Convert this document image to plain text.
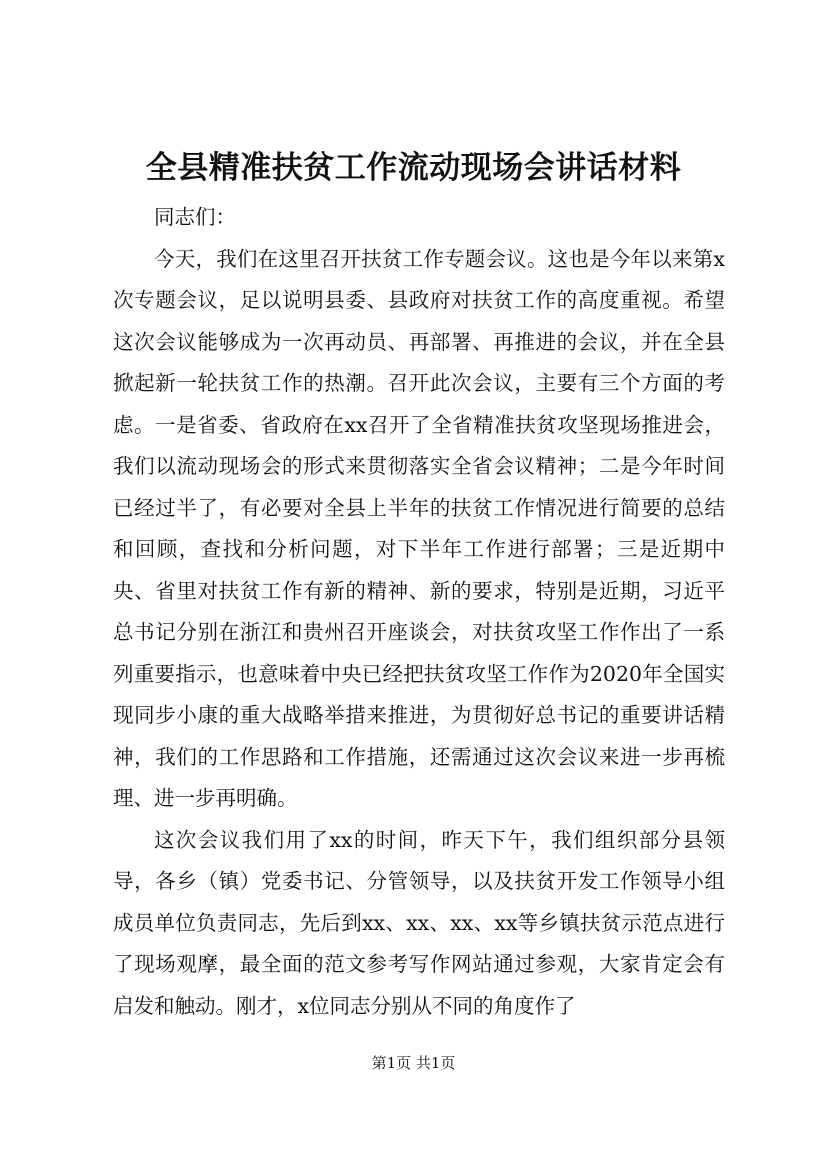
全县精准扶贫工作流动现场会讲话材料

同志们：

今天，我们在这里召开扶贫工作专题会议。这也是今年以来第x次专题会议，足以说明县委、县政府对扶贫工作的高度重视。希望这次会议能够成为一次再动员、再部署、再推进的会议，并在全县掀起新一轮扶贫工作的热潮。召开此次会议，主要有三个方面的考虑。一是省委、省政府在xx召开了全省精准扶贫攻坚现场推进会，我们以流动现场会的形式来贯彻落实全省会议精神；二是今年时间已经过半了，有必要对全县上半年的扶贫工作情况进行简要的总结和回顾，查找和分析问题，对下半年工作进行部署；三是近期中央、省里对扶贫工作有新的精神、新的要求，特别是近期，习近平总书记分别在浙江和贵州召开座谈会，对扶贫攻坚工作作出了一系列重要指示，也意味着中央已经把扶贫攻坚工作作为2020年全国实现同步小康的重大战略举措来推进，为贯彻好总书记的重要讲话精神，我们的工作思路和工作措施，还需通过这次会议来进一步再梳理、进一步再明确。

这次会议我们用了xx的时间，昨天下午，我们组织部分县领导，各乡（镇）党委书记、分管领导，以及扶贫开发工作领导小组成员单位负责同志，先后到xx、xx、xx、xx等乡镇扶贫示范点进行了现场观摩，最全面的范文参考写作网站通过参观，大家肯定会有启发和触动。刚才，x位同志分别从不同的角度作了

第1页 共1页
